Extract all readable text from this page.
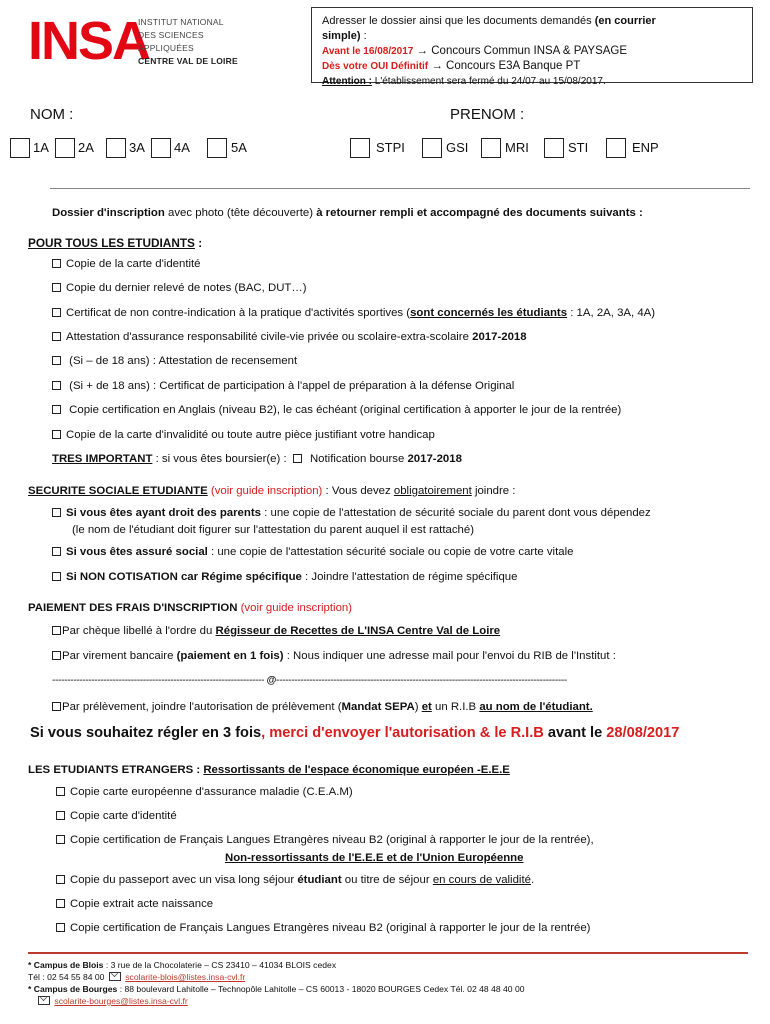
INSA
INSTITUT NATIONAL
DES SCIENCES
APPLIQUÉES
CENTRE VAL DE LOIRE
Adresser le dossier ainsi que les documents demandés (en courrier
simple) :
Avant le 16/08/2017 → Concours Commun INSA & PAYSAGE
Dès votre OUI Définitif → Concours E3A Banque PT
Attention : L'établissement sera fermé du 24/07 au 15/08/2017.
NOM :	PRENOM :
1A 2A	3A 4A	5A	STPI	GSI	MRI	STI	ENP
Dossier d'inscription avec photo (tête découverte) à retourner rempli et accompagné des documents suivants :
POUR TOUS LES ETUDIANTS :
Copie de la carte d'identité
Copie du dernier relevé de notes (BAC, DUT…)
Certificat de non contre-indication à la pratique d'activités sportives (sont concernés les étudiants : 1A, 2A, 3A, 4A)
Attestation d'assurance responsabilité civile-vie privée ou scolaire-extra-scolaire 2017-2018
(Si – de 18 ans) : Attestation de recensement
(Si + de 18 ans) : Certificat de participation à l'appel de préparation à la défense Original
Copie certification en Anglais (niveau B2), le cas échéant (original certification à apporter le jour de la rentrée)
Copie de la carte d'invalidité ou toute autre pièce justifiant votre handicap
TRES IMPORTANT : si vous êtes boursier(e) :  Notification bourse 2017-2018
SECURITE SOCIALE ETUDIANTE (voir guide inscription) : Vous devez obligatoirement joindre :
Si vous êtes ayant droit des parents : une copie de l'attestation de sécurité sociale du parent dont vous dépendez
(le nom de l'étudiant doit figurer sur l'attestation du parent auquel il est rattaché)
Si vous êtes assuré social : une copie de l'attestation sécurité sociale ou copie de votre carte vitale
Si NON COTISATION car Régime spécifique : Joindre l'attestation de régime spécifique
PAIEMENT DES FRAIS D'INSCRIPTION (voir guide inscription)
Par chèque libellé à l'ordre du Régisseur de Recettes de L'INSA Centre Val de Loire
Par virement bancaire (paiement en 1 fois) : Nous indiquer une adresse mail pour l'envoi du RIB de l'Institut :
---------------------------------------------------------------------- @------------------------------------------------------------------------------------------------
Par prélèvement, joindre l'autorisation de prélèvement (Mandat SEPA) et un R.I.B au nom de l'étudiant.
Si vous souhaitez régler en 3 fois, merci d'envoyer l'autorisation & le R.I.B avant le 28/08/2017
LES ETUDIANTS ETRANGERS : Ressortissants de l'espace économique européen -E.E.E
Copie carte européenne d'assurance maladie (C.E.A.M)
Copie carte d'identité
Copie certification de Français Langues Etrangères niveau B2 (original à rapporter le jour de la rentrée),
Non-ressortissants de l'E.E.E et de l'Union Européenne
Copie du passeport avec un visa long séjour étudiant ou titre de séjour en cours de validité.
Copie extrait acte naissance
Copie certification de Français Langues Etrangères niveau B2 (original à rapporter le jour de la rentrée)
* Campus de Blois : 3 rue de la Chocolaterie – CS 23410 – 41034 BLOIS cedex
Tél : 02 54 55 84 00  scolarite-blois@listes.insa-cvl.fr
* Campus de Bourges : 88 boulevard Lahitolle – Technopôle Lahitolle – CS 60013 - 18020 BOURGES Cedex Tél. 02 48 48 40 00
scolarite-bourges@listes.insa-cvl.fr
